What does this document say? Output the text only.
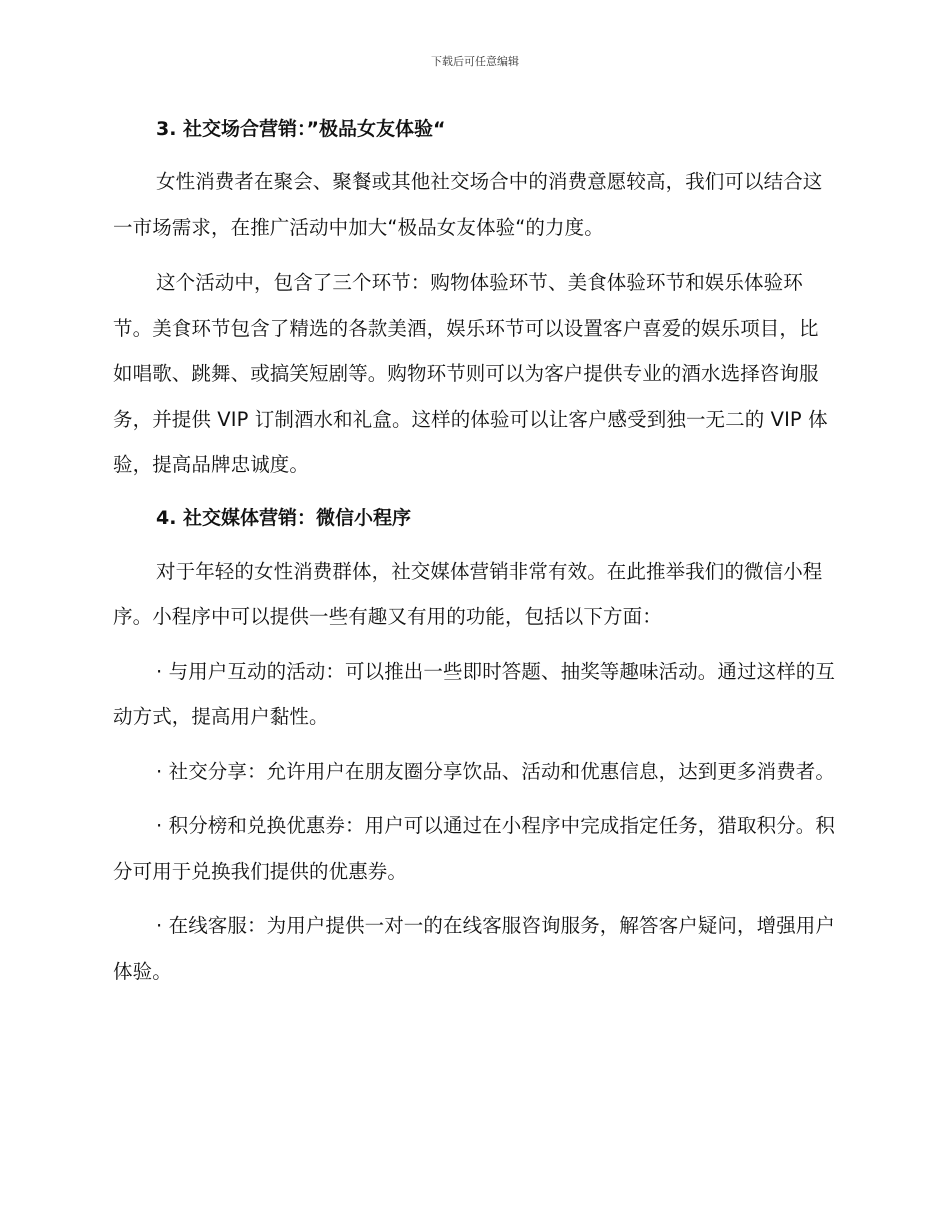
下载后可任意编辑
3. 社交场合营销：”极品女友体验“

女性消费者在聚会、聚餐或其他社交场合中的消费意愿较高，我们可以结合这一市场需求，在推广活动中加大“极品女友体验“的力度。

这个活动中，包含了三个环节：购物体验环节、美食体验环节和娱乐体验环节。美食环节包含了精选的各款美酒，娱乐环节可以设置客户喜爱的娱乐项目，比如唱歌、跳舞、或搞笑短剧等。购物环节则可以为客户提供专业的酒水选择咨询服务，并提供 VIP 订制酒水和礼盒。这样的体验可以让客户感受到独一无二的 VIP 体验，提高品牌忠诚度。

4. 社交媒体营销：微信小程序

对于年轻的女性消费群体，社交媒体营销非常有效。在此推举我们的微信小程序。小程序中可以提供一些有趣又有用的功能，包括以下方面：

· 与用户互动的活动：可以推出一些即时答题、抽奖等趣味活动。通过这样的互动方式，提高用户黏性。

· 社交分享：允许用户在朋友圈分享饮品、活动和优惠信息，达到更多消费者。

· 积分榜和兑换优惠券：用户可以通过在小程序中完成指定任务，猎取积分。积分可用于兑换我们提供的优惠券。

· 在线客服：为用户提供一对一的在线客服咨询服务，解答客户疑问，增强用户体验。
